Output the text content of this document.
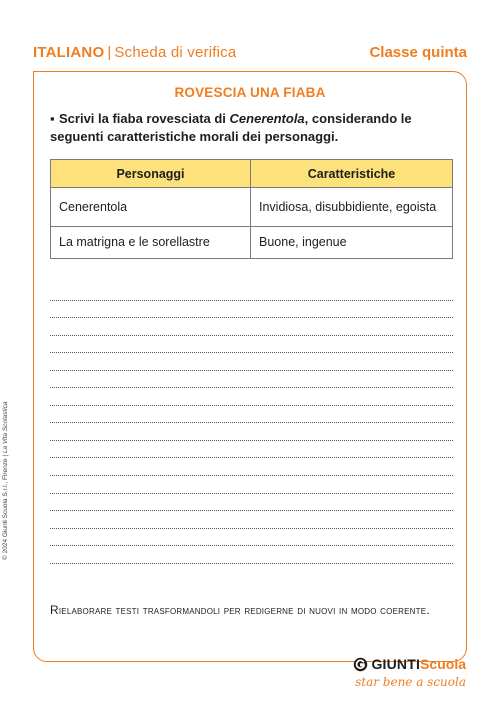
ITALIANO | Scheda di verifica	Classe quinta
ROVESCIA UNA FIABA
▪ Scrivi la fiaba rovesciata di Cenerentola, considerando le seguenti caratteristiche morali dei personaggi.
Personaggi	Caratteristiche
Cenerentola	Invidiosa, disubbidiente, egoista
La matrigna e le sorellastre	Buone, ingenue
Rielaborare testi trasformandoli per redigerne di nuovi in modo coerente.
© 2024 Giunti Scuola S.r.l., Firenze | La Vita Scolastica
GIUNTI Scuola
star bene a scuola
